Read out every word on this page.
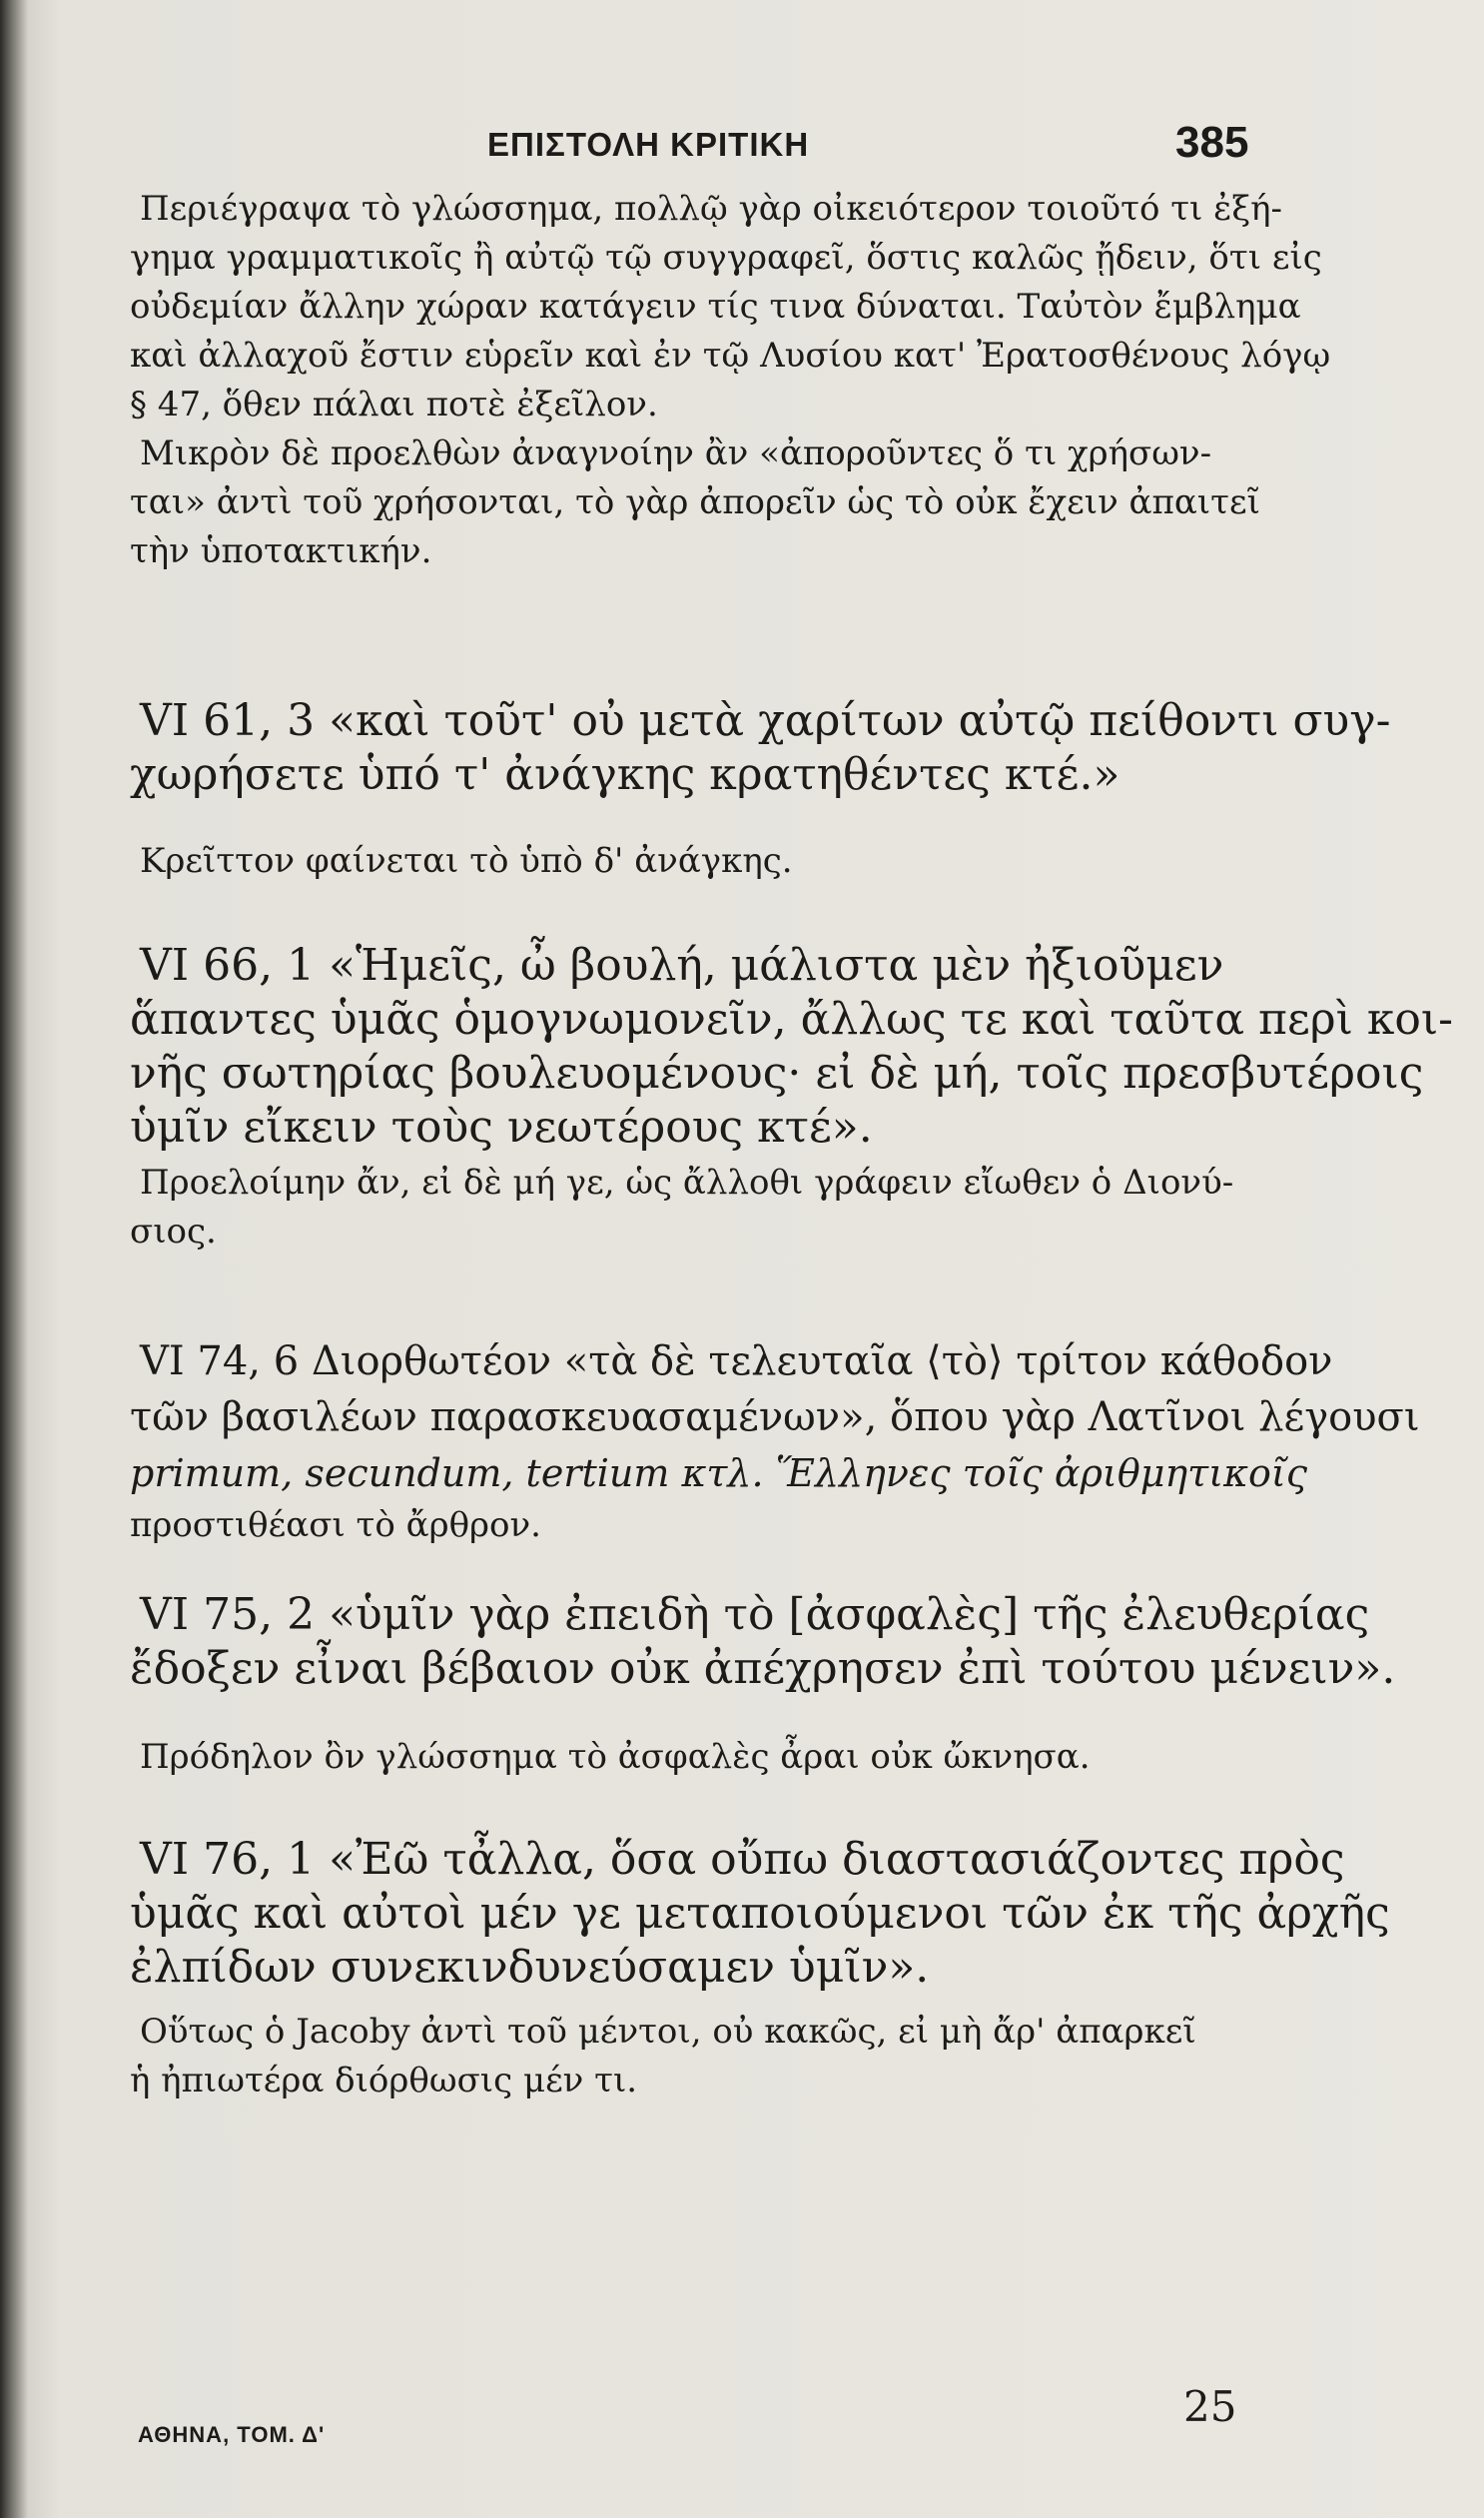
ΕΠΙΣΤΟΛΗ ΚΡΙΤΙΚΗ	385
Περιέγραψα τὸ γλώσσημα, πολλῷ γὰρ οἰκειότερον τοιοῦτό τι ἐξή-
γημα γραμματικοῖς ἢ αὐτῷ τῷ συγγραφεῖ, ὅστις καλῶς ᾔδειν, ὅτι εἰς
οὐδεμίαν ἄλλην χώραν κατάγειν τίς τινα δύναται. Ταὐτὸν ἔμβλημα
καὶ ἀλλαχοῦ ἔστιν εὑρεῖν καὶ ἐν τῷ Λυσίου κατ' Ἐρατοσθένους λόγῳ
§ 47, ὅθεν πάλαι ποτὲ ἐξεῖλον.
Μικρὸν δὲ προελθὼν ἀναγνοίην ἂν «ἀποροῦντες ὅ τι χρήσων-
ται» ἀντὶ τοῦ χρήσονται, τὸ γὰρ ἀπορεῖν ὡς τὸ οὐκ ἔχειν ἀπαιτεῖ
τὴν ὑποτακτικήν.
VI 61, 3 «καὶ τοῦτ' οὐ μετὰ χαρίτων αὐτῷ πείθοντι συγ-
χωρήσετε ὑπό τ' ἀνάγκης κρατηθέντες κτέ.»
Κρεῖττον φαίνεται τὸ ὑπὸ δ' ἀνάγκης.
VI 66, 1 «Ἡμεῖς, ὦ βουλή, μάλιστα μὲν ἠξιοῦμεν
ἅπαντες ὑμᾶς ὁμογνωμονεῖν, ἄλλως τε καὶ ταῦτα περὶ κοι-
νῆς σωτηρίας βουλευομένους· εἰ δὲ μή, τοῖς πρεσβυτέροις
ὑμῖν εἴκειν τοὺς νεωτέρους κτέ».
Προελοίμην ἄν, εἰ δὲ μή γε, ὡς ἄλλοθι γράφειν εἴωθεν ὁ Διονύ-
σιος.
VI 74, 6 Διορθωτέον «τὰ δὲ τελευταῖα ⟨τὸ⟩ τρίτον κάθοδον
τῶν βασιλέων παρασκευασαμένων», ὅπου γὰρ Λατῖνοι λέγουσι
primum, secundum, tertium κτλ. Ἕλληνες τοῖς ἀριθμητικοῖς
προστιθέασι τὸ ἄρθρον.
VI 75, 2 «ὑμῖν γὰρ ἐπειδὴ τὸ [ἀσφαλὲς] τῆς ἐλευθερίας
ἔδοξεν εἶναι βέβαιον οὐκ ἀπέχρησεν ἐπὶ τούτου μένειν».
Πρόδηλον ὂν γλώσσημα τὸ ἀσφαλὲς ἆραι οὐκ ὤκνησα.
VI 76, 1 «Ἐῶ τἆλλα, ὅσα οὔπω διαστασιάζοντες πρὸς
ὑμᾶς καὶ αὐτοὶ μέν γε μεταποιούμενοι τῶν ἐκ τῆς ἀρχῆς
ἐλπίδων συνεκινδυνεύσαμεν ὑμῖν».
Οὕτως ὁ Jacoby ἀντὶ τοῦ μέντοι, οὐ κακῶς, εἰ μὴ ἄρ' ἀπαρκεῖ
ἡ ἠπιωτέρα διόρθωσις μέν τι.
ΑΘΗΝΑ, ΤΟΜ. Δ'
25
